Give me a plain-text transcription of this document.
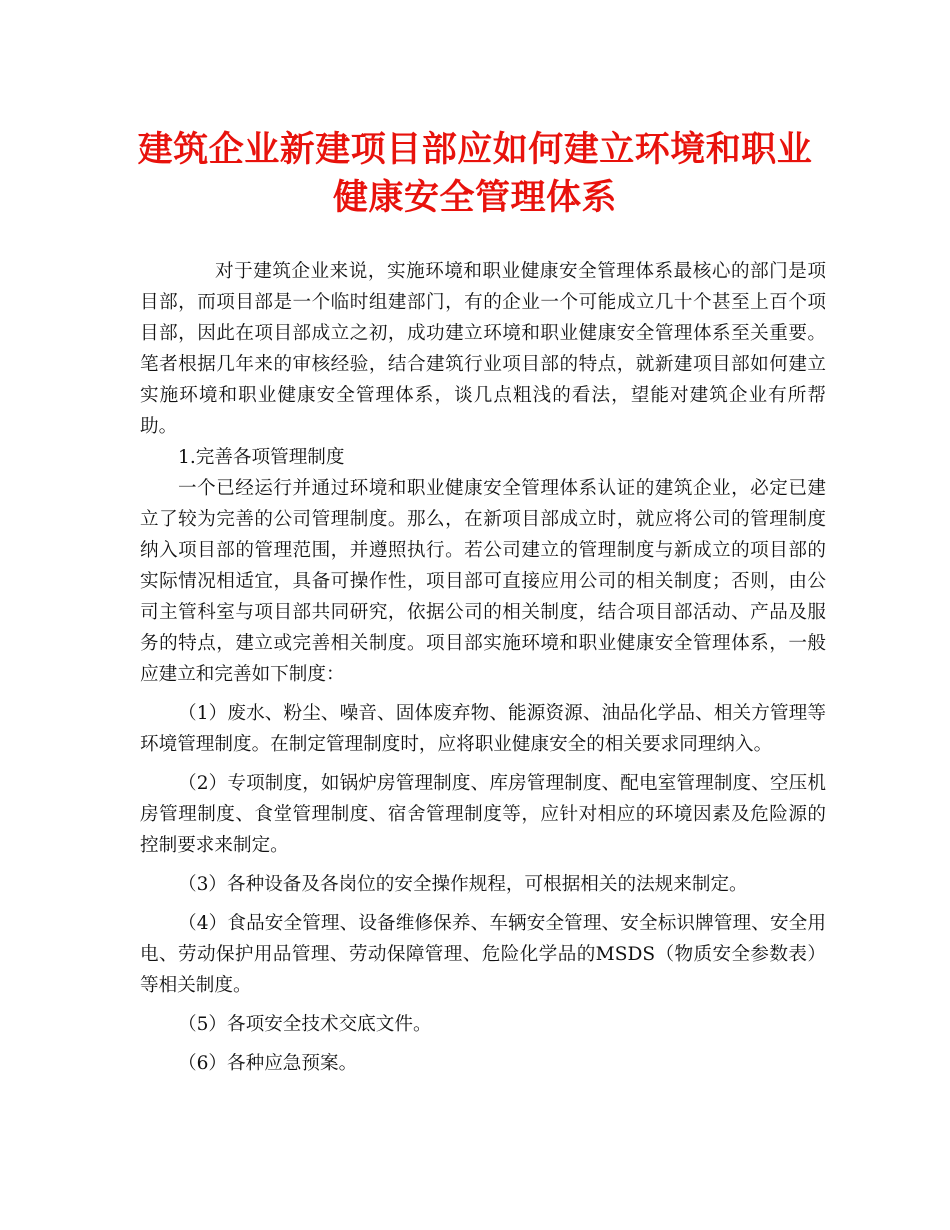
建筑企业新建项目部应如何建立环境和职业
健康安全管理体系

对于建筑企业来说，实施环境和职业健康安全管理体系最核心的部门是项目部，而项目部是一个临时组建部门，有的企业一个可能成立几十个甚至上百个项目部，因此在项目部成立之初，成功建立环境和职业健康安全管理体系至关重要。笔者根据几年来的审核经验，结合建筑行业项目部的特点，就新建项目部如何建立实施环境和职业健康安全管理体系，谈几点粗浅的看法，望能对建筑企业有所帮助。

1.完善各项管理制度

一个已经运行并通过环境和职业健康安全管理体系认证的建筑企业，必定已建立了较为完善的公司管理制度。那么，在新项目部成立时，就应将公司的管理制度纳入项目部的管理范围，并遵照执行。若公司建立的管理制度与新成立的项目部的实际情况相适宜，具备可操作性，项目部可直接应用公司的相关制度；否则，由公司主管科室与项目部共同研究，依据公司的相关制度，结合项目部活动、产品及服务的特点，建立或完善相关制度。项目部实施环境和职业健康安全管理体系，一般应建立和完善如下制度：

（1）废水、粉尘、噪音、固体废弃物、能源资源、油品化学品、相关方管理等环境管理制度。在制定管理制度时，应将职业健康安全的相关要求同理纳入。

（2）专项制度，如锅炉房管理制度、库房管理制度、配电室管理制度、空压机房管理制度、食堂管理制度、宿舍管理制度等，应针对相应的环境因素及危险源的控制要求来制定。

（3）各种设备及各岗位的安全操作规程，可根据相关的法规来制定。

（4）食品安全管理、设备维修保养、车辆安全管理、安全标识牌管理、安全用电、劳动保护用品管理、劳动保障管理、危险化学品的MSDS（物质安全参数表）等相关制度。

（5）各项安全技术交底文件。

（6）各种应急预案。
